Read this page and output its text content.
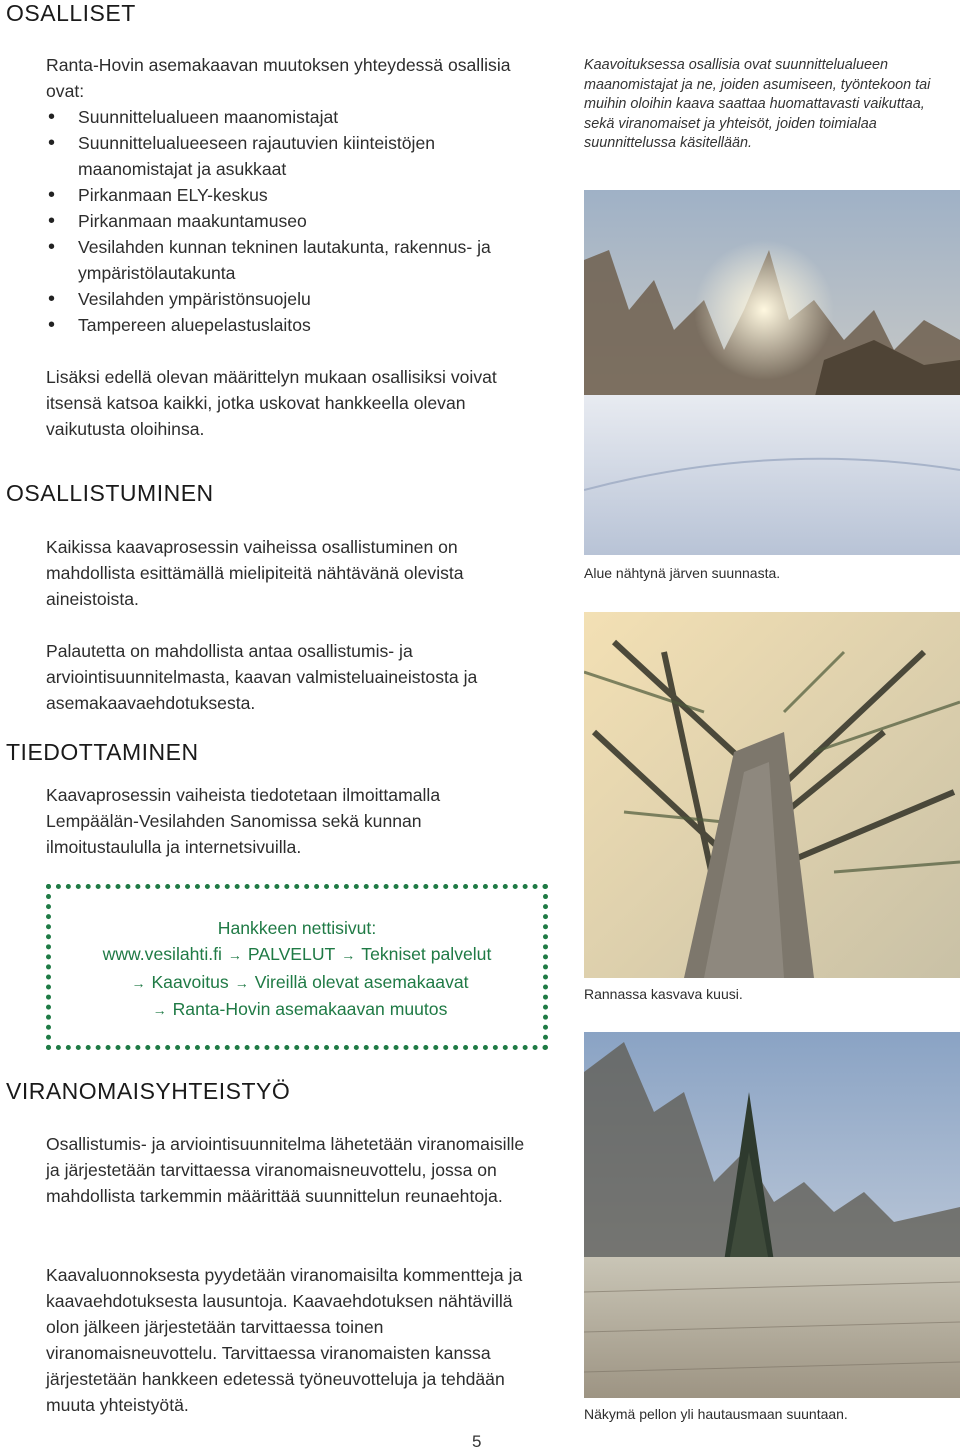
OSALLISET
Ranta-Hovin asemakaavan muutoksen yhteydessä osallisia ovat:
• Suunnittelualueen maanomistajat
• Suunnittelualueeseen rajautuvien kiinteistöjen maanomistajat ja asukkaat
• Pirkanmaan ELY-keskus
• Pirkanmaan maakuntamuseo
• Vesilahden kunnan tekninen lautakunta, rakennus- ja ympäristölautakunta
• Vesilahden ympäristönsuojelu
• Tampereen aluepelastuslaitos

Lisäksi edellä olevan määrittelyn mukaan osallisiksi voivat itsensä katsoa kaikki, jotka uskovat hankkeella olevan vaikutusta oloihinsa.

OSALLISTUMINEN

Kaikissa kaavaprosessin vaiheissa osallistuminen on mahdollista esittämällä mielipiteitä nähtävänä olevista aineistoista.

Palautetta on mahdollista antaa osallistumis- ja arviointisuunnitelmasta, kaavan valmisteluaineistosta ja asemakaavaehdotuksesta.

TIEDOTTAMINEN

Kaavaprosessin vaiheista tiedotetaan ilmoittamalla Lempäälän-Vesilahden Sanomissa sekä kunnan ilmoitustaululla ja internetsivuilla.

Hankkeen nettisivut:
www.vesilahti.fi → PALVELUT → Tekniset palvelut
→ Kaavoitus → Vireillä olevat asemakaavat
→ Ranta-Hovin asemakaavan muutos
VIRANOMAISYHTEISTYÖ

Osallistumis- ja arviointisuunnitelma lähetetään viranomaisille ja järjestetään tarvittaessa viranomaisneuvottelu, jossa on mahdollista tarkemmin määrittää suunnittelun reunaehtoja.

Kaavaluonnoksesta pyydetään viranomaisilta kommentteja ja kaavaehdotuksesta lausuntoja. Kaavaehdotuksen nähtävillä olon jälkeen järjestetään tarvittaessa toinen viranomaisneuvottelu. Tarvittaessa viranomaisten kanssa järjestetään hankkeen edetessä työneuvotteluja ja tehdään muuta yhteistyötä.

5

Kaavoituksessa osallisia ovat suunnittelualueen maanomistajat ja ne, joiden asumiseen, työntekoon tai muihin oloihin kaava saattaa huomattavasti vaikuttaa, sekä viranomaiset ja yhteisöt, joiden toimialaa suunnittelussa käsitellään.

Alue nähtynä järven suunnasta.

Rannassa kasvava kuusi.

Näkymä pellon yli hautausmaan suuntaan.
